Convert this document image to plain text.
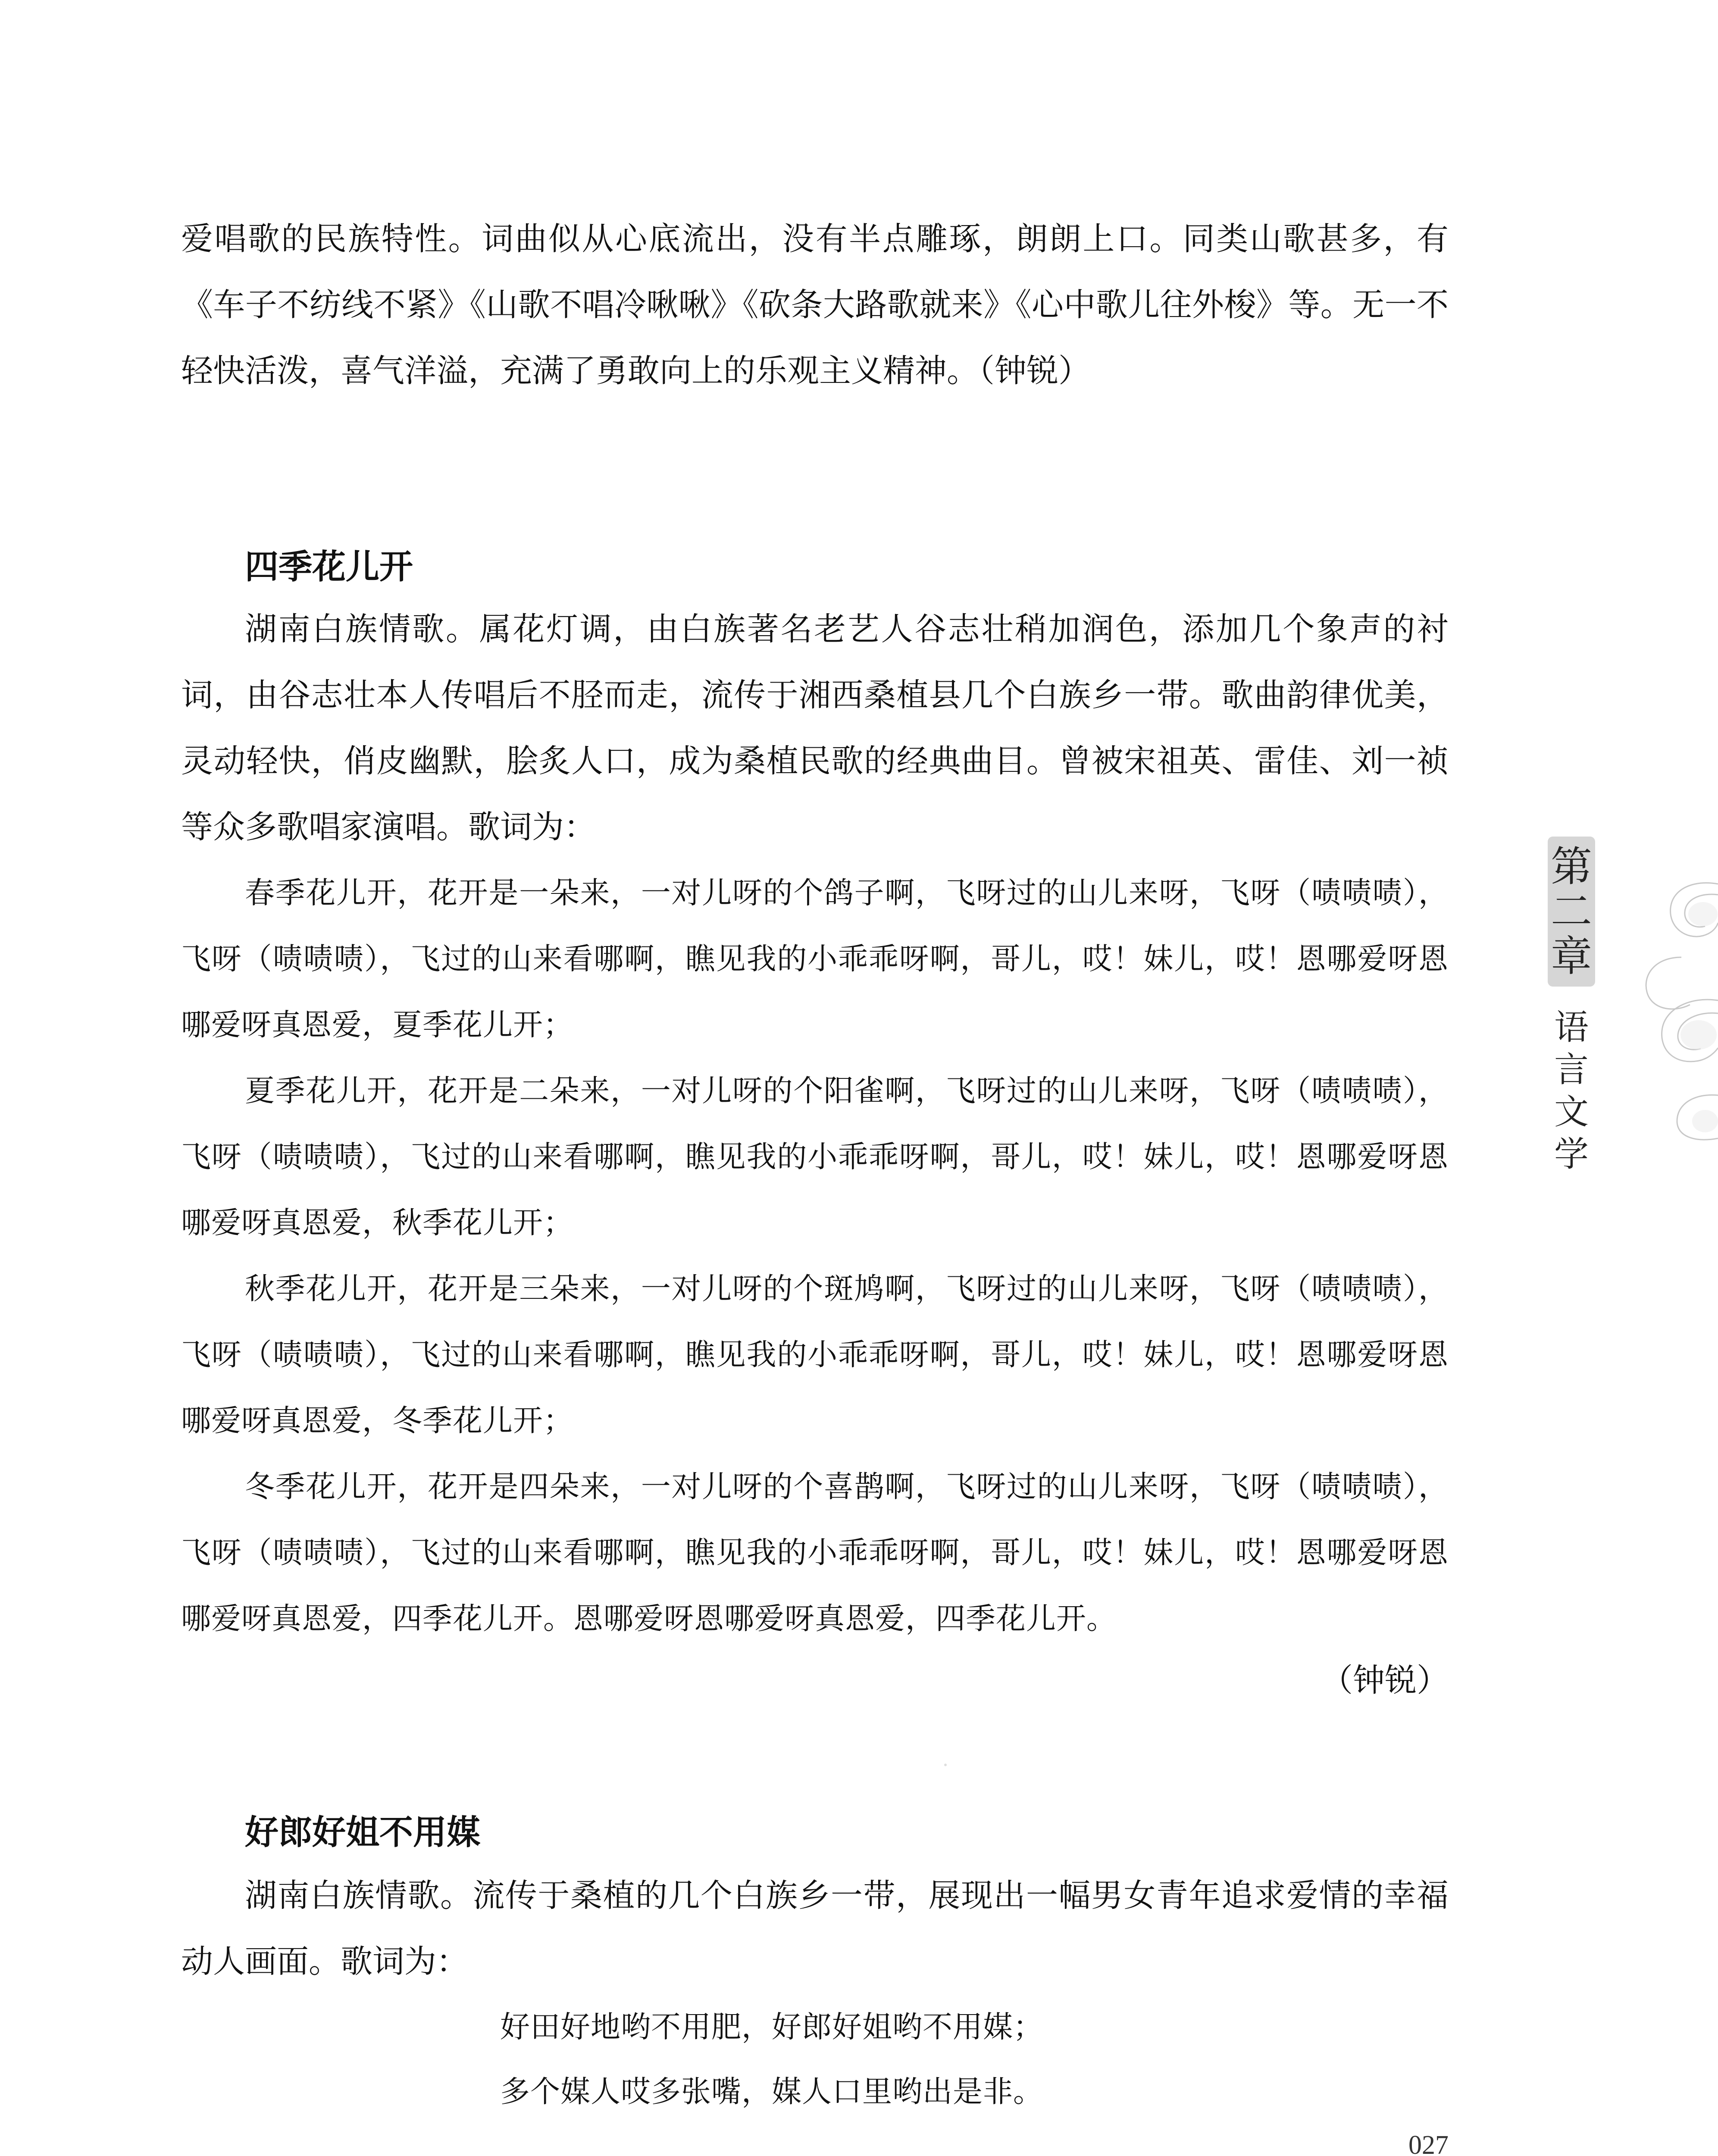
爱唱歌的民族特性。词曲似从心底流出，没有半点雕琢，朗朗上口。同类山歌甚多，有《车子不纺线不紧》《山歌不唱冷啾啾》《砍条大路歌就来》《心中歌儿往外梭》等。无一不轻快活泼，喜气洋溢，充满了勇敢向上的乐观主义精神。（钟锐）

四季花儿开

湖南白族情歌。属花灯调，由白族著名老艺人谷志壮稍加润色，添加几个象声的衬词，由谷志壮本人传唱后不胫而走，流传于湘西桑植县几个白族乡一带。歌曲韵律优美，灵动轻快，俏皮幽默，脍炙人口，成为桑植民歌的经典曲目。曾被宋祖英、雷佳、刘一祯等众多歌唱家演唱。歌词为：

春季花儿开，花开是一朵来，一对儿呀的个鸽子啊，飞呀过的山儿来呀，飞呀（啧啧啧），飞呀（啧啧啧），飞过的山来看哪啊，瞧见我的小乖乖呀啊，哥儿，哎！妹儿，哎！恩哪爱呀恩哪爱呀真恩爱，夏季花儿开；

夏季花儿开，花开是二朵来，一对儿呀的个阳雀啊，飞呀过的山儿来呀，飞呀（啧啧啧），飞呀（啧啧啧），飞过的山来看哪啊，瞧见我的小乖乖呀啊，哥儿，哎！妹儿，哎！恩哪爱呀恩哪爱呀真恩爱，秋季花儿开；

秋季花儿开，花开是三朵来，一对儿呀的个斑鸠啊，飞呀过的山儿来呀，飞呀（啧啧啧），飞呀（啧啧啧），飞过的山来看哪啊，瞧见我的小乖乖呀啊，哥儿，哎！妹儿，哎！恩哪爱呀恩哪爱呀真恩爱，冬季花儿开；

冬季花儿开，花开是四朵来，一对儿呀的个喜鹊啊，飞呀过的山儿来呀，飞呀（啧啧啧），飞呀（啧啧啧），飞过的山来看哪啊，瞧见我的小乖乖呀啊，哥儿，哎！妹儿，哎！恩哪爱呀恩哪爱呀真恩爱，四季花儿开。恩哪爱呀恩哪爱呀真恩爱，四季花儿开。

（钟锐）

好郎好姐不用媒

湖南白族情歌。流传于桑植的几个白族乡一带，展现出一幅男女青年追求爱情的幸福动人画面。歌词为：

好田好地哟不用肥，好郎好姐哟不用媒；

多个媒人哎多张嘴，媒人口里哟出是非。

第二章
语言文学
027
